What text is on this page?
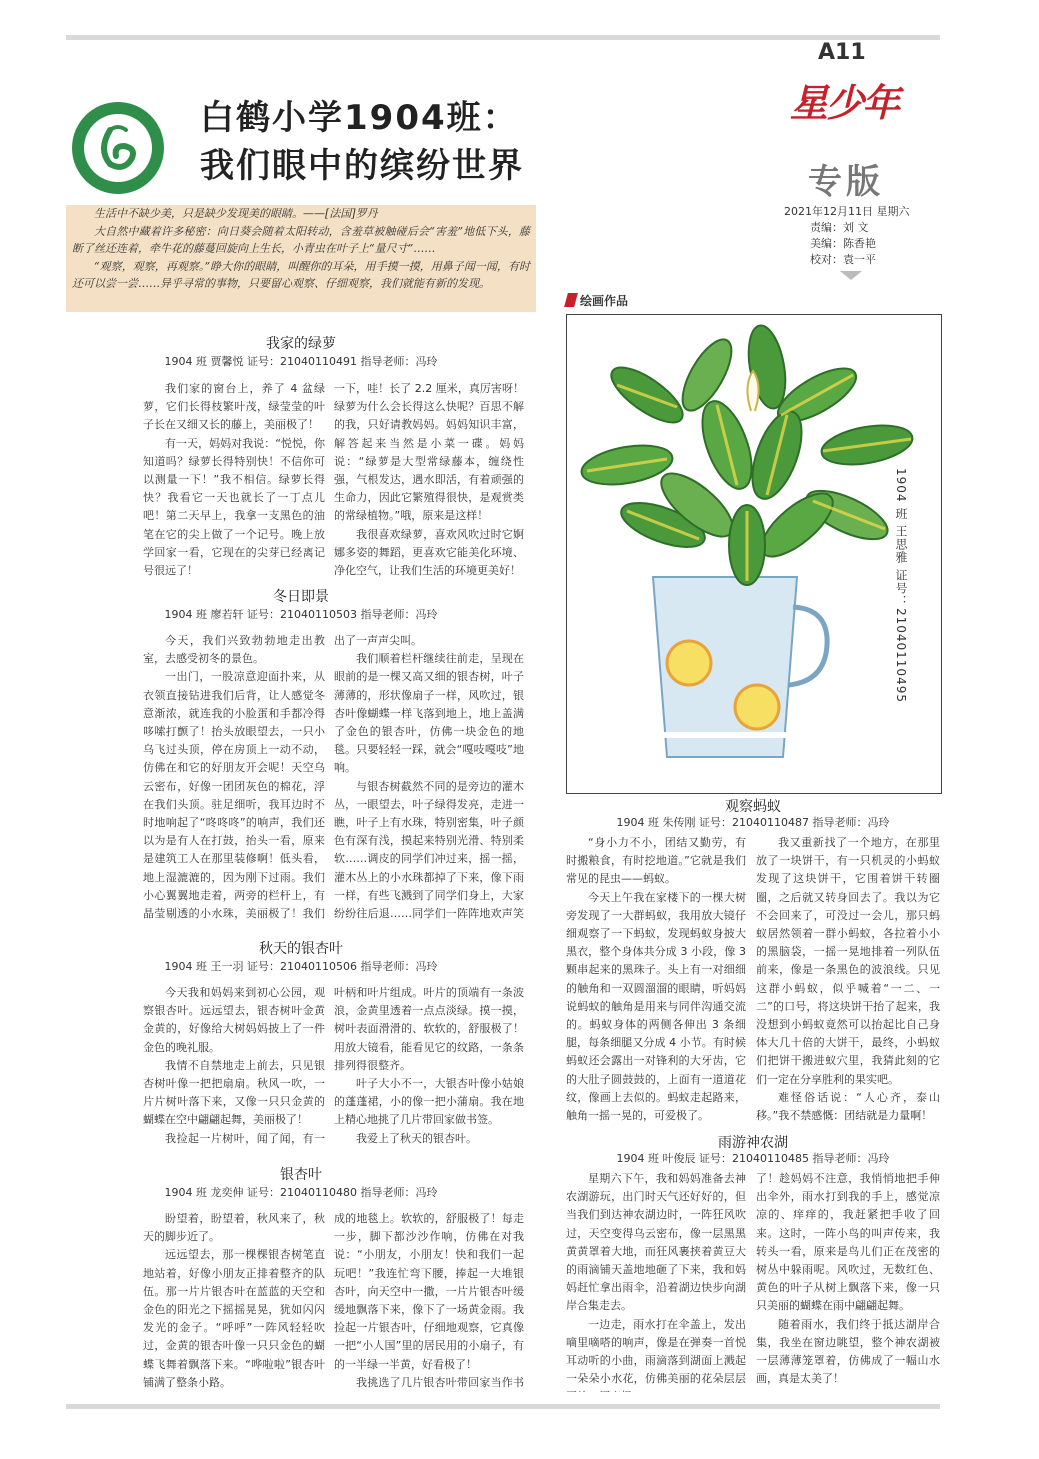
A11
星少年
专版
2021年12月11日 星期六
责编：刘 文
美编：陈香艳
校对：袁一平
白鹤小学1904班：
我们眼中的缤纷世界

生活中不缺少美，只是缺少发现美的眼睛。——[法国]罗丹

大自然中藏着许多秘密：向日葵会随着太阳转动，含羞草被触碰后会“害羞”地低下头，藤断了丝还连着，牵牛花的藤蔓回旋向上生长，小青虫在叶子上“量尺寸”……

“观察，观察，再观察。”睁大你的眼睛，叫醒你的耳朵，用手摸一摸，用鼻子闻一闻，有时还可以尝一尝……异乎寻常的事物，只要留心观察、仔细观察，我们就能有新的发现。

我家的绿萝
1904 班 贾馨悦 证号：21040110491 指导老师：冯玲

我们家的窗台上，养了 4 盆绿萝，它们长得枝繁叶茂，绿莹莹的叶子长在又细又长的藤上，美丽极了！

有一天，妈妈对我说：“悦悦，你知道吗？绿萝长得特别快！不信你可以测量一下！”我不相信。绿萝长得快？我看它一天也就长了一丁点儿吧！第二天早上，我拿一支黑色的油笔在它的尖上做了一个记号。晚上放学回家一看，它现在的尖芽已经离记号很远了！

一下，哇！长了 2.2 厘米，真厉害呀！绿萝为什么会长得这么快呢？百思不解的我，只好请教妈妈。妈妈知识丰富，解答起来当然是小菜一碟。妈妈说：“绿萝是大型常绿藤本，缠绕性强，气根发达，遇水即活，有着顽强的生命力，因此它繁殖得很快，是观赏类的常绿植物。”哦，原来是这样！

我很喜欢绿萝，喜欢风吹过时它婀娜多姿的舞蹈，更喜欢它能美化环境、净化空气，让我们生活的环境更美好！

冬日即景
1904 班 廖若轩 证号：21040110503 指导老师：冯玲

今天，我们兴致勃勃地走出教室，去感受初冬的景色。

一出门，一股凉意迎面扑来，从衣领直接钻进我们后背，让人感觉冬意渐浓，就连我的小脸蛋和手都冷得哆嗦打颤了！抬头放眼望去，一只小乌飞过头顶，停在房顶上一动不动，仿佛在和它的好朋友开会呢！天空乌云密布，好像一团团灰色的棉花，浮在我们头顶。驻足细听，我耳边时不时地响起了“咚咚咚”的响声，我们还以为是有人在打鼓，抬头一看，原来是建筑工人在那里装修啊！低头看，地上湿漉漉的，因为刚下过雨。我们小心翼翼地走着，两旁的栏杆上，有晶莹剔透的小水珠，美丽极了！我们

出了一声声尖叫。

我们顺着栏杆继续往前走，呈现在眼前的是一棵又高又细的银杏树，叶子薄薄的，形状像扇子一样，风吹过，银杏叶像蝴蝶一样飞落到地上，地上盖满了金色的银杏叶，仿佛一块金色的地毯。只要轻轻一踩，就会“嘎吱嘎吱”地响。

与银杏树截然不同的是旁边的灌木丛，一眼望去，叶子绿得发亮，走进一瞧，叶子上有水珠，特别密集，叶子颜色有深有浅，摸起来特别光滑、特别柔软……调皮的同学们冲过来，摇一摇，灌木丛上的小水珠都掉了下来，像下雨一样，有些飞溅到了同学们身上，大家纷纷往后退……同学们一阵阵地欢声笑

秋天的银杏叶
1904 班 王一羽 证号：21040110506 指导老师：冯玲

今天我和妈妈来到初心公园，观察银杏叶。远远望去，银杏树叶金黄金黄的，好像给大树妈妈披上了一件金色的晚礼服。

我情不自禁地走上前去，只见银杏树叶像一把把扇扇。秋风一吹，一片片树叶落下来，又像一只只金黄的蝴蝶在空中翩翩起舞，美丽极了！

我捡起一片树叶，闻了闻，有一

叶柄和叶片组成。叶片的顶端有一条波浪，金黄里透着一点点淡绿。摸一摸，树叶表面滑滑的、软软的，舒服极了！用放大镜看，能看见它的纹路，一条条排列得很整齐。

叶子大小不一，大银杏叶像小姑娘的蓬蓬裙，小的像一把小蒲扇。我在地上精心地挑了几片带回家做书签。

我爱上了秋天的银杏叶。

银杏叶
1904 班 龙奕伸 证号：21040110480 指导老师：冯玲

盼望着，盼望着，秋风来了，秋天的脚步近了。

远远望去，那一棵棵银杏树笔直地站着，好像小朋友正排着整齐的队伍。那一片片银杏叶在蓝蓝的天空和金色的阳光之下摇摇晃晃，犹如闪闪发光的金子。“呼呼”一阵风轻轻吹过，金黄的银杏叶像一只只金色的蝴蝶飞舞着飘落下来。“哗啦啦”银杏叶铺满了整条小路。

成的地毯上。软软的，舒服极了！每走一步，脚下都沙沙作响，仿佛在对我说：“小朋友，小朋友！快和我们一起玩吧！”我连忙弯下腰，捧起一大堆银杏叶，向天空中一撒，一片片银杏叶缓缓地飘落下来，像下了一场黄金雨。我捡起一片银杏叶，仔细地观察，它真像一把“小人国”里的居民用的小扇子，有的一半绿一半黄，好看极了！

我挑选了几片银杏叶带回家当作书

绘画作品
1904 班 王思雅 证号：21040110495
观察蚂蚁
1904 班 朱传刚 证号：21040110487 指导老师：冯玲

“身小力不小，团结又勤劳，有时搬粮食，有时挖地道。”它就是我们常见的昆虫——蚂蚁。

今天上午我在家楼下的一棵大树旁发现了一大群蚂蚁，我用放大镜仔细观察了一下蚂蚁，发现蚂蚁身披大黑衣，整个身体共分成 3 小段，像 3 颗串起来的黑珠子。头上有一对细细的触角和一双圆溜溜的眼睛，听妈妈说蚂蚁的触角是用来与同伴沟通交流的。蚂蚁身体的两侧各伸出 3 条细腿，每条细腿又分成 4 小节。有时候蚂蚁还会露出一对锋利的大牙齿，它的大肚子圆鼓鼓的，上面有一道道花纹，像画上去似的。蚂蚁走起路来，触角一摇一晃的，可爱极了。

我又重新找了一个地方，在那里放了一块饼干，有一只机灵的小蚂蚁发现了这块饼干，它围着饼干转圈圈，之后就又转身回去了。我以为它不会回来了，可没过一会儿，那只蚂蚁居然领着一群小蚂蚁，各拉着小小的黑脑袋，一摇一晃地排着一列队伍前来，像是一条黑色的波浪线。只见这群小蚂蚁，似乎喊着“一二、一二”的口号，将这块饼干抬了起来，我没想到小蚂蚁竟然可以抬起比自己身体大几十倍的大饼干，最终，小蚂蚁们把饼干搬进蚁穴里，我猜此刻的它们一定在分享胜利的果实吧。

难怪俗话说：“人心齐，泰山移。”我不禁感慨：团结就是力量啊！

雨游神农湖
1904 班 叶俊辰 证号：21040110485 指导老师：冯玲

星期六下午，我和妈妈准备去神农湖游玩，出门时天气还好好的，但当我们到达神农湖边时，一阵狂风吹过，天空变得乌云密布，像一层黑黑黄黄罩着大地，而狂风裹挟着黄豆大的雨滴铺天盖地地砸了下来，我和妈妈赶忙拿出雨伞，沿着湖边快步向湖岸合集走去。

一边走，雨水打在伞盖上，发出嘀里嘀嗒的响声，像是在弹奏一首悦耳动听的小曲，雨滴落到湖面上溅起一朵朵小水花，仿佛美丽的花朵层层

了！趁妈妈不注意，我悄悄地把手伸出伞外，雨水打到我的手上，感觉凉凉的、痒痒的，我赶紧把手收了回来。这时，一阵小鸟的叫声传来，我转头一看，原来是鸟儿们正在茂密的树丛中躲雨呢。风吹过，无数红色、黄色的叶子从树上飘落下来，像一只只美丽的蝴蝶在雨中翩翩起舞。

随着雨水，我们终于抵达湖岸合集，我坐在窗边眺望，整个神农湖被一层薄薄笼罩着，仿佛成了一幅山水画，真是太美了！
